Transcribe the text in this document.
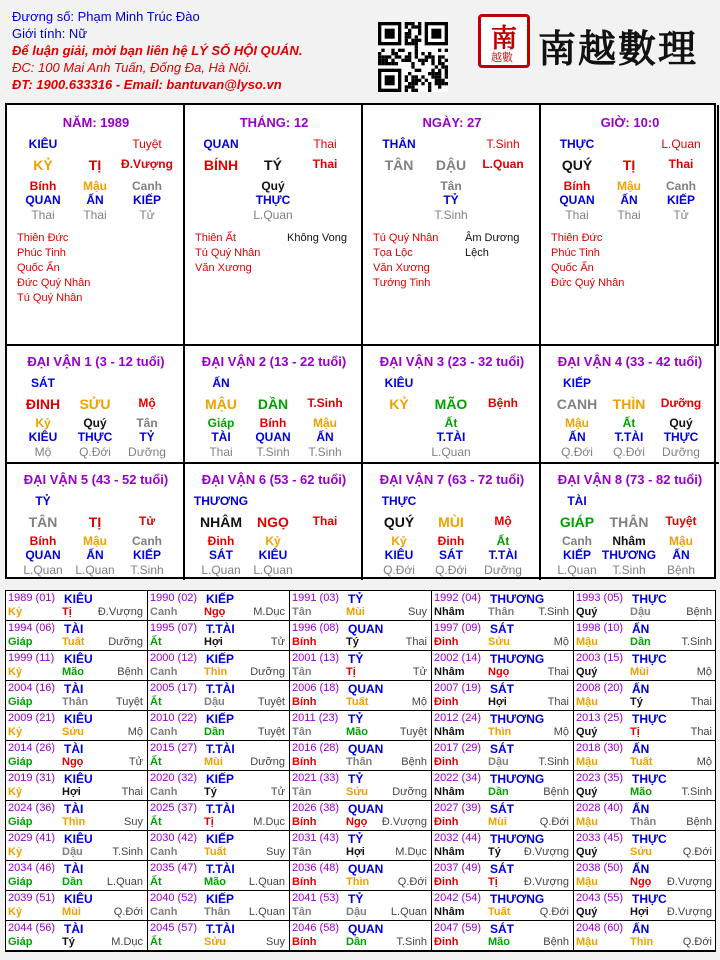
Đương số: Phạm Minh Trúc Đào
Giới tính: Nữ
Để luận giải, mời bạn liên hệ LÝ SỐ HỘI QUÁN.
ĐC: 100 Mai Anh Tuấn, Đống Đa, Hà Nội.
ĐT: 1900.633316 - Email: bantuvan@lyso.vn
南
越數 南越數理
NĂM: 1989
KIÊU	Tuyệt
KỶ	TỊ	Đ.Vượng
Bính
QUAN
Thai
Mậu
ẤN
Thai
Canh
KIẾP
Tử
Thiên Đức
Phúc Tinh
Quốc Ấn
Đức Quý Nhân
Tú Quý Nhân
THÁNG: 12
QUAN	Thai
BÍNH	TÝ	Thai
Quý
THỰC
L.Quan
Thiên Ất
Tú Quý Nhân
Văn Xương
Không Vong
NGÀY: 27
THÂN	T.Sinh
TÂN	DẬU	L.Quan
Tân
TỶ
T.Sinh
Tú Quý Nhân
Tọa Lộc
Văn Xương
Tướng Tinh
Âm Dương Lệch
GIỜ: 10:0
THỰC	L.Quan
QUÝ	TỊ	Thai
Bính
QUAN
Thai
Mậu
ẤN
Thai
Canh
KIẾP
Tử
Thiên Đức
Phúc Tinh
Quốc Ấn
Đức Quý Nhân
ĐẠI VẬN 1 (3 - 12 tuổi)
SÁT
ĐINH	SỬU	Mộ
Kỷ
KIÊU
Mộ
Quý
THỰC
Q.Đới
Tân
TỶ
Dưỡng
ĐẠI VẬN 2 (13 - 22 tuổi)
ẤN
MẬU	DẦN	T.Sinh
Giáp
TÀI
Thai
Bính
QUAN
T.Sinh
Mậu
ẤN
T.Sinh
ĐẠI VẬN 3 (23 - 32 tuổi)
KIÊU
KỶ	MÃO	Bệnh
Ất
T.TÀI
L.Quan
ĐẠI VẬN 4 (33 - 42 tuổi)
KIẾP
CANH	THÌN	Dưỡng
Mậu
ẤN
Q.Đới
Ất
T.TÀI
Q.Đới
Quý
THỰC
Dưỡng
ĐẠI VẬN 5 (43 - 52 tuổi)
TỶ
TÂN	TỊ	Tử
Bính
QUAN
L.Quan
Mậu
ẤN
L.Quan
Canh
KIẾP
T.Sinh
ĐẠI VẬN 6 (53 - 62 tuổi)
THƯƠNG
NHÂM	NGỌ	Thai
Đinh
SÁT
L.Quan
Kỷ
KIÊU
L.Quan
ĐẠI VẬN 7 (63 - 72 tuổi)
THỰC
QUÝ	MÙI	Mộ
Kỷ
KIÊU
Q.Đới
Đinh
SÁT
Q.Đới
Ất
T.TÀI
Dưỡng
ĐẠI VẬN 8 (73 - 82 tuổi)
TÀI
GIÁP	THÂN	Tuyệt
Canh
KIẾP
L.Quan
Nhâm
THƯƠNG
T.Sinh
Mậu
ẤN
Bệnh
1989 (01) KIÊU
Kỷ	Tị Đ.Vượng
1990 (02) KIẾP
Canh Ngọ	M.Dục
1991 (03) TỶ
Tân	Mùi	Suy
1992 (04) THƯƠNG
Nhâm Thân T.Sinh
1993 (05) THỰC
Quý	Dậu	Bệnh
1994 (06) TÀI
Giáp	Tuất Dưỡng
1995 (07) T.TÀI
Ất	Hợi	Tử
1996 (08) QUAN
Bính	Tý	Thai
1997 (09) SÁT
Đinh	Sửu	Mộ
1998 (10) ẤN
Mậu	Dần	T.Sinh
1999 (11) KIÊU
Kỷ	Mão	Bệnh
2000 (12) KIẾP
Canh Thìn Dưỡng
2001 (13) TỶ
Tân	Tị	Tử
2002 (14) THƯƠNG
Nhâm Ngọ	Thai
2003 (15) THỰC
Quý	Mùi	Mộ
2004 (16) TÀI
Giáp	Thân	Tuyệt
2005 (17) T.TÀI
Ất	Dậu	Tuyệt
2006 (18) QUAN
Bính	Tuất	Mộ
2007 (19) SÁT
Đinh	Hợi	Thai
2008 (20) ẤN
Mậu	Tý	Thai
2009 (21) KIÊU
Kỷ	Sửu	Mộ
2010 (22) KIẾP
Canh Dần	Tuyệt
2011 (23) TỶ
Tân	Mão	Tuyệt
2012 (24) THƯƠNG
Nhâm Thìn	Mộ
2013 (25) THỰC
Quý	Tị	Thai
2014 (26) TÀI
Giáp	Ngọ	Tử
2015 (27) T.TÀI
Ất	Mùi Dưỡng
2016 (28) QUAN
Bính	Thân	Bệnh
2017 (29) SÁT
Đinh	Dậu	T.Sinh
2018 (30) ẤN
Mậu	Tuất	Mộ
2019 (31) KIÊU
Kỷ	Hợi	Thai
2020 (32) KIẾP
Canh Tý	Tử
2021 (33) TỶ
Tân	Sửu Dưỡng
2022 (34) THƯƠNG
Nhâm Dần	Bệnh
2023 (35) THỰC
Quý	Mão	T.Sinh
2024 (36) TÀI
Giáp	Thìn	Suy
2025 (37) T.TÀI
Ất	Tị	M.Dục
2026 (38) QUAN
Bính	Ngọ Đ.Vượng
2027 (39) SÁT
Đinh	Mùi	Q.Đới
2028 (40) ẤN
Mậu	Thân	Bệnh
2029 (41) KIÊU
Kỷ	Dậu	T.Sinh
2030 (42) KIẾP
Canh Tuất	Suy
2031 (43) TỶ
Tân	Hợi	M.Dục
2032 (44) THƯƠNG
Nhâm Tý Đ.Vượng
2033 (45) THỰC
Quý	Sửu	Q.Đới
2034 (46) TÀI
Giáp	Dần L.Quan
2035 (47) T.TÀI
Ất	Mão L.Quan
2036 (48) QUAN
Bính	Thìn	Q.Đới
2037 (49) SÁT
Đinh	Tị Đ.Vượng
2038 (50) ẤN
Mậu	Ngọ Đ.Vượng
2039 (51) KIÊU
Kỷ	Mùi	Q.Đới
2040 (52) KIẾP
Canh Thân L.Quan
2041 (53) TỶ
Tân	Dậu L.Quan
2042 (54) THƯƠNG
Nhâm Tuất	Q.Đới
2043 (55) THỰC
Quý	Hợi Đ.Vượng
2044 (56) TÀI
Giáp	Tý	M.Dục
2045 (57) T.TÀI
Ất	Sửu	Suy
2046 (58) QUAN
Bính	Dần	T.Sinh
2047 (59) SÁT
Đinh	Mão	Bệnh
2048 (60) ẤN
Mậu	Thìn	Q.Đới
